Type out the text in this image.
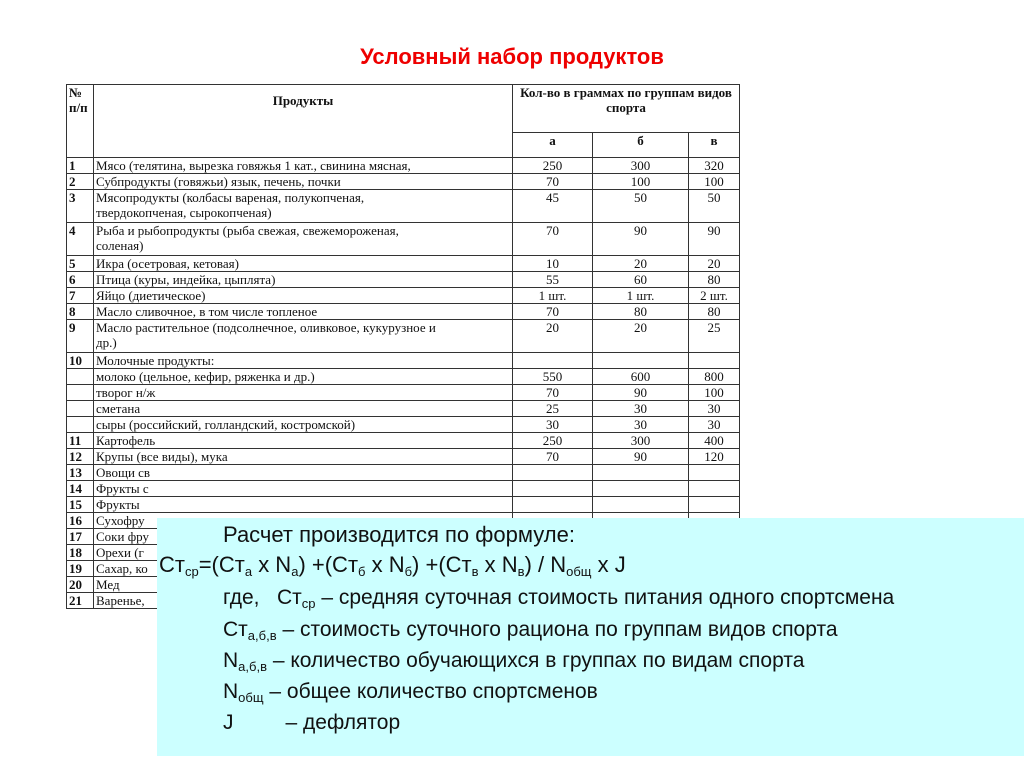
Условный набор продуктов
№ п/п	Продукты	Кол-во в граммах по группам видов спорта		
		а	б	в
1	Мясо (телятина, вырезка говяжья 1 кат., свинина мясная,	250	300	320
2	Субпродукты (говяжьи) язык, печень, почки	70	100	100
3	Мясопродукты (колбасы вареная, полукопченая,
твердокопченая, сырокопченая)	45	50	50
4	Рыба и рыбопродукты (рыба свежая, свежемороженая,
соленая)	70	90	90
5	Икра (осетровая, кетовая)	10	20	20
6	Птица (куры, индейка, цыплята)	55	60	80
7	Яйцо (диетическое)	1 шт.	1 шт.	2 шт.
8	Масло сливочное, в том числе топленое	70	80	80
9	Масло растительное (подсолнечное, оливковое, кукурузное и
др.)	20	20	25
10	Молочные продукты:			
	молоко (цельное, кефир, ряженка и др.)	550	600	800
	творог н/ж	70	90	100
	сметана	25	30	30
	сыры (российский, голландский, костромской)	30	30	30
11	Картофель	250	300	400
12	Крупы (все виды), мука	70	90	120
13	Овощи св			
14	Фрукты с			
15	Фрукты			
16	Сухофру			
17	Соки фру			
18	Орехи (г			
19	Сахар, ко			
20	Мед			
21	Варенье,			
Расчет производится по формуле:
$Ст_{ср}=(Ст_а$ x $N_а) +(Ст_б$ x $N_б) +(Ст_в$ x $N_в) / N_{общ}$ x J
где, $Ст_{ср}$ – средняя суточная стоимость питания одного спортсмена
$Ст_{а,б,в}$ – стоимость суточного рациона по группам видов спорта
$N_{а,б,в}$ – количество обучающихся в группах по видам спорта
$N_{общ}$ – общее количество спортсменов
J – дефлятор
